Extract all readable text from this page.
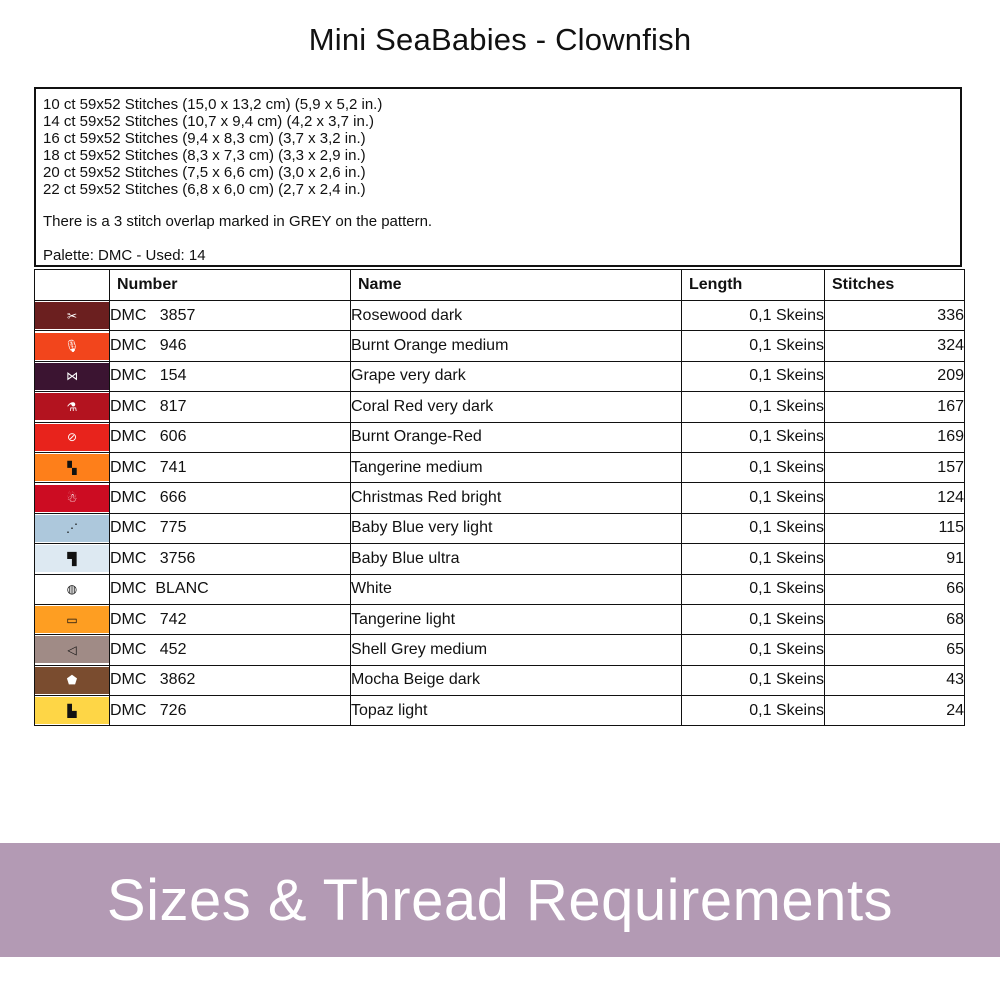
Mini SeaBabies - Clownfish
10 ct 59x52 Stitches (15,0 x 13,2 cm) (5,9 x 5,2 in.)
14 ct 59x52 Stitches (10,7 x 9,4 cm) (4,2 x 3,7 in.)
16 ct 59x52 Stitches (9,4 x 8,3 cm) (3,7 x 3,2 in.)
18 ct 59x52 Stitches (8,3 x 7,3 cm) (3,3 x 2,9 in.)
20 ct 59x52 Stitches (7,5 x 6,6 cm) (3,0 x 2,6 in.)
22 ct 59x52 Stitches (6,8 x 6,0 cm) (2,7 x 2,4 in.)
There is a 3 stitch overlap marked in GREY on the pattern.
Palette: DMC - Used: 14
	Number	Name	Length	Stitches

✂	DMC   3857	Rosewood dark	0,1 Skeins	336

🎙	DMC   946	Burnt Orange medium	0,1 Skeins	324

⋈	DMC   154	Grape very dark	0,1 Skeins	209

⚗	DMC   817	Coral Red very dark	0,1 Skeins	167

⊘	DMC   606	Burnt Orange-Red	0,1 Skeins	169

▚	DMC   741	Tangerine medium	0,1 Skeins	157

☃	DMC   666	Christmas Red bright	0,1 Skeins	124

⋰	DMC   775	Baby Blue very light	0,1 Skeins	115

▜	DMC   3756	Baby Blue ultra	0,1 Skeins	91

◍	DMC  BLANC	White	0,1 Skeins	66

▭	DMC   742	Tangerine light	0,1 Skeins	68

◁	DMC   452	Shell Grey medium	0,1 Skeins	65

⬟	DMC   3862	Mocha Beige dark	0,1 Skeins	43

▙	DMC   726	Topaz light	0,1 Skeins	24
Sizes & Thread Requirements
